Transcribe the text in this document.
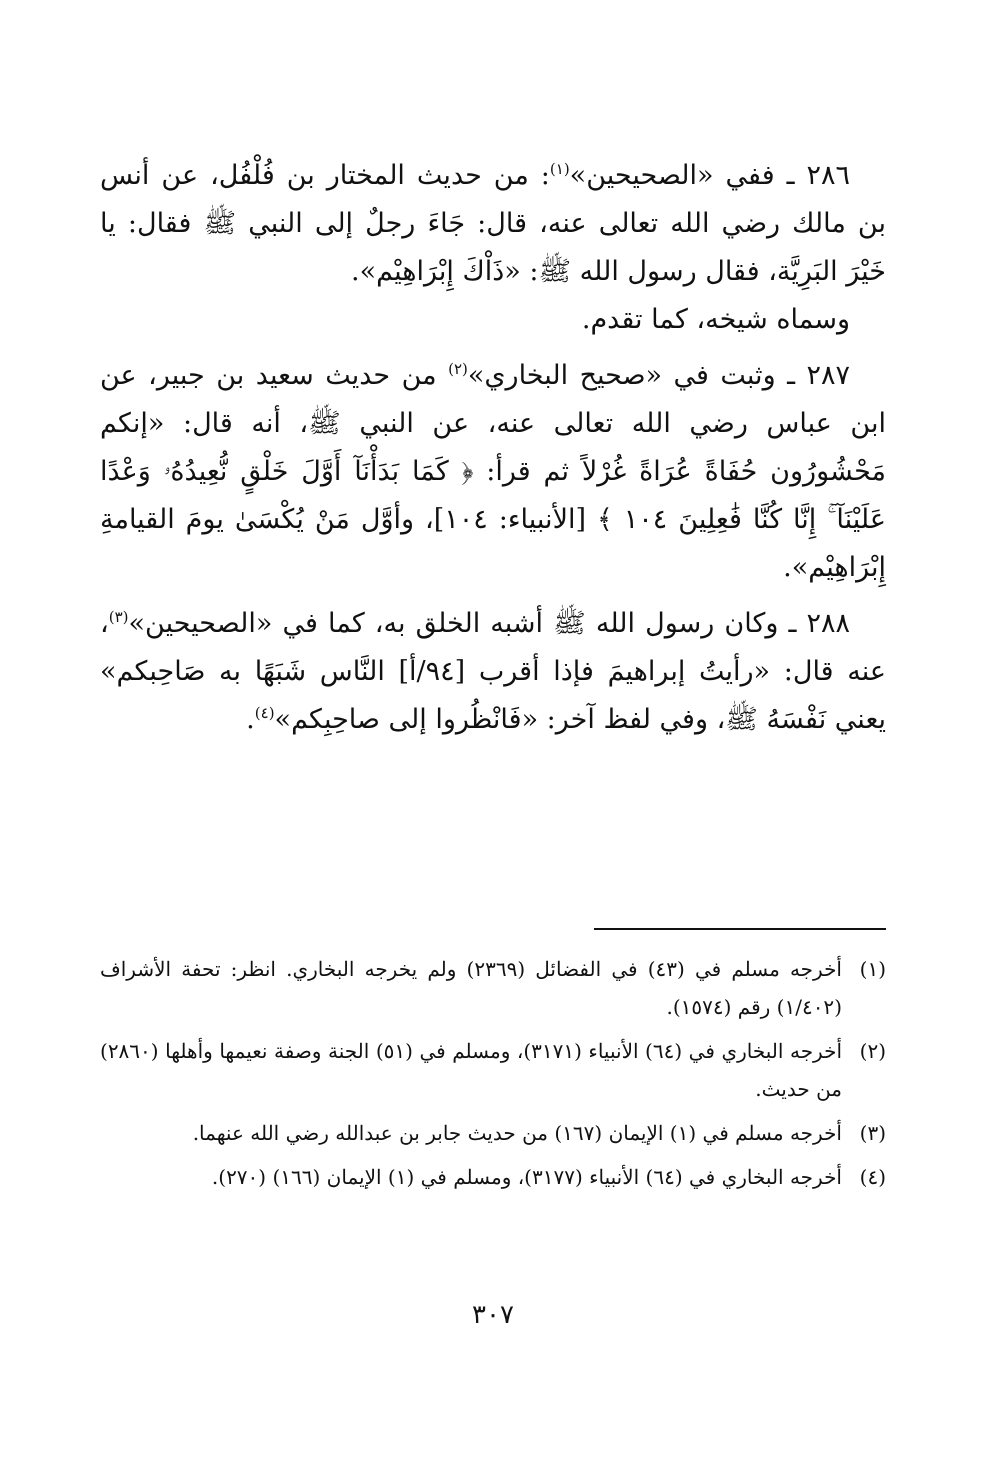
٢٨٦ ـ ففي «الصحيحين»$^{(١)}$: من حديث المختار بن فُلْفُل، عن أنس بن مالك رضي الله تعالى عنه، قال: جَاءَ رجلٌ إلى النبي ﷺ فقال: يا خَيْرَ البَرِيَّة، فقال رسول الله ﷺ: «ذَاْكَ إِبْرَاهِيْم».

وسماه شيخه، كما تقدم.

٢٨٧ ـ وثبت في «صحيح البخاري»$^{(٢)}$ من حديث سعيد بن جبير، عن ابن عباس رضي الله تعالى عنه، عن النبي ﷺ، أنه قال: «إنكم مَحْشُورُون حُفَاةً عُرَاةً غُرْلاً ثم قرأ: ﴿ كَمَا بَدَأْنَآ أَوَّلَ خَلْقٍ نُّعِيدُهُۥ وَعْدًا عَلَيْنَآ ۚ إِنَّا كُنَّا فَٰعِلِينَ ١٠٤ ﴾ [الأنبياء: ١٠٤]، وأوَّل مَنْ يُكْسَىٰ يومَ القيامةِ إِبْرَاهِيْم».

٢٨٨ ـ وكان رسول الله ﷺ أشبه الخلق به، كما في «الصحيحين»$^{(٣)}$، عنه قال: «رأيتُ إبراهيمَ فإذا أقرب [٩٤/أ] النَّاس شَبَهًا به صَاحِبكم» يعني نَفْسَهُ ﷺ، وفي لفظ آخر: «فَانْظُروا إلى صاحِبِكم»$^{(٤)}$.

(١)
أخرجه مسلم في (٤٣) في الفضائل (٢٣٦٩) ولم يخرجه البخاري. انظر: تحفة الأشراف (١/٤٠٢) رقم (١٥٧٤).
(٢)
أخرجه البخاري في (٦٤) الأنبياء (٣١٧١)، ومسلم في (٥١) الجنة وصفة نعيمها وأهلها (٢٨٦٠) من حديث.
(٣)
أخرجه مسلم في (١) الإيمان (١٦٧) من حديث جابر بن عبدالله رضي الله عنهما.
(٤)
أخرجه البخاري في (٦٤) الأنبياء (٣١٧٧)، ومسلم في (١) الإيمان (١٦٦) (٢٧٠).
٣٠٧
